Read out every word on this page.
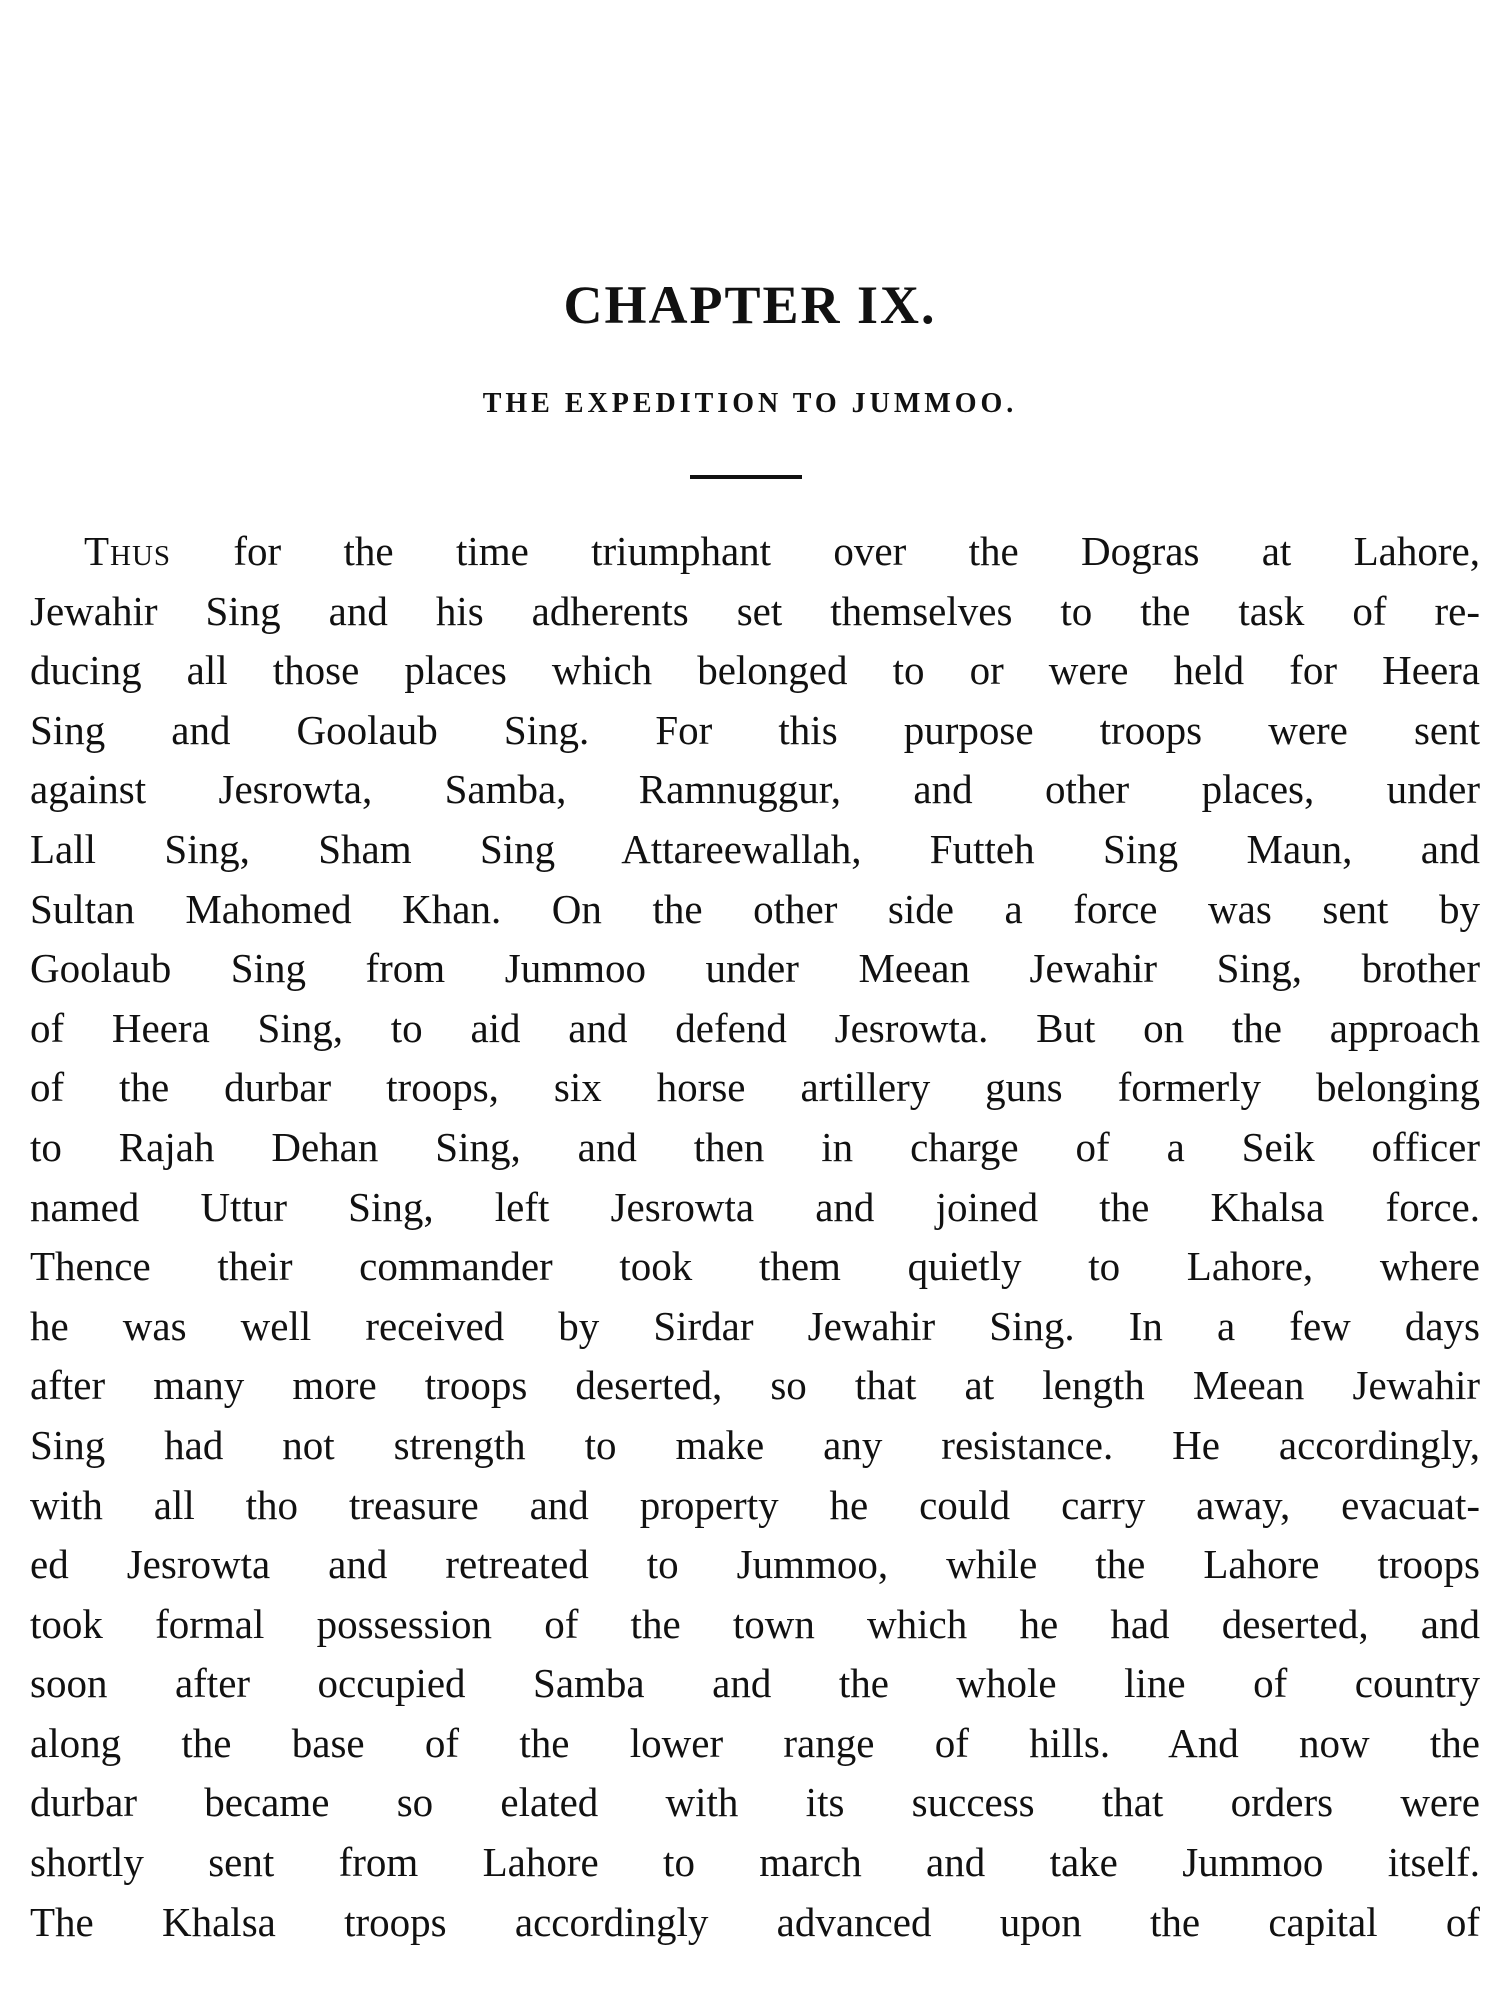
CHAPTER IX.
THE EXPEDITION TO JUMMOO.
Thus for the time triumphant over the Dogras at Lahore,
Jewahir Sing and his adherents set themselves to the task of re-
ducing all those places which belonged to or were held for Heera
Sing and Goolaub Sing. For this purpose troops were sent
against Jesrowta, Samba, Ramnuggur, and other places, under
Lall Sing, Sham Sing Attareewallah, Futteh Sing Maun, and
Sultan Mahomed Khan. On the other side a force was sent by
Goolaub Sing from Jummoo under Meean Jewahir Sing, brother
of Heera Sing, to aid and defend Jesrowta. But on the approach
of the durbar troops, six horse artillery guns formerly belonging
to Rajah Dehan Sing, and then in charge of a Seik officer
named Uttur Sing, left Jesrowta and joined the Khalsa force.
Thence their commander took them quietly to Lahore, where
he was well received by Sirdar Jewahir Sing. In a few days
after many more troops deserted, so that at length Meean Jewahir
Sing had not strength to make any resistance. He accordingly,
with all tho treasure and property he could carry away, evacuat-
ed Jesrowta and retreated to Jummoo, while the Lahore troops
took formal possession of the town which he had deserted, and
soon after occupied Samba and the whole line of country
along the base of the lower range of hills. And now the
durbar became so elated with its success that orders were
shortly sent from Lahore to march and take Jummoo itself.
The Khalsa troops accordingly advanced upon the capital of
